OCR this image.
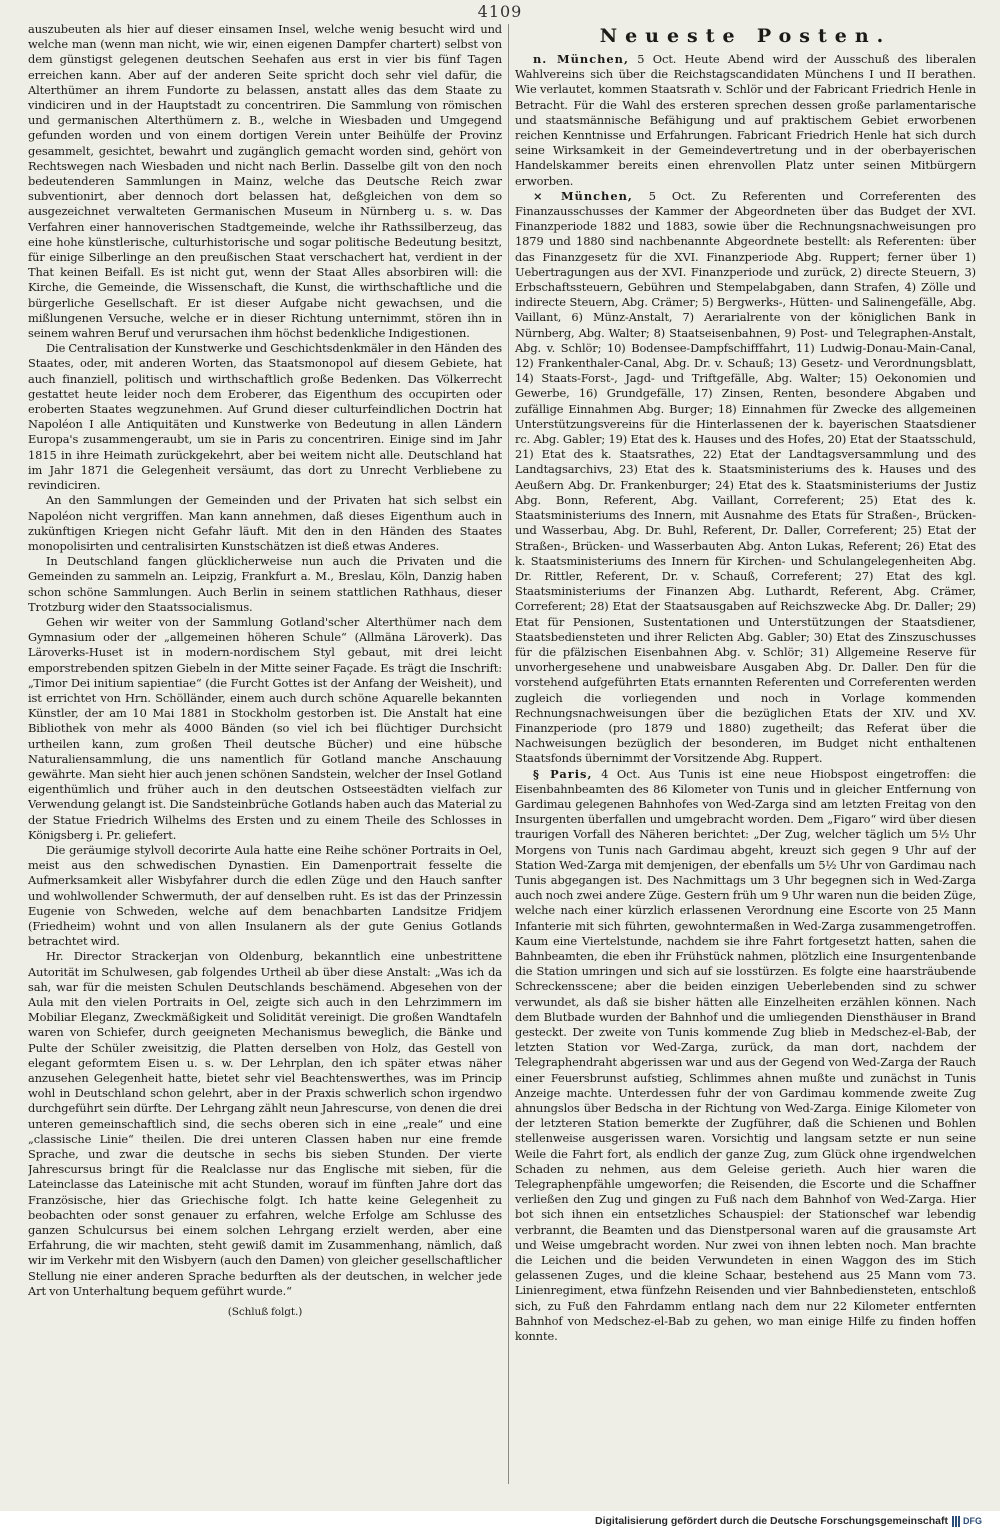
4109

auszubeuten als hier auf dieser einsamen Insel, welche wenig besucht wird und welche man (wenn man nicht, wie wir, einen eigenen Dampfer chartert) selbst von dem günstigst gelegenen deutschen Seehafen aus erst in vier bis fünf Tagen erreichen kann. Aber auf der anderen Seite spricht doch sehr viel dafür, die Alterthümer an ihrem Fundorte zu belassen, anstatt alles das dem Staate zu vindiciren und in der Hauptstadt zu concentriren. Die Sammlung von römischen und germanischen Alterthümern z. B., welche in Wiesbaden und Umgegend gefunden worden und von einem dortigen Verein unter Beihülfe der Provinz gesammelt, gesichtet, bewahrt und zugänglich gemacht worden sind, gehört von Rechtswegen nach Wiesbaden und nicht nach Berlin. Dasselbe gilt von den noch bedeutenderen Sammlungen in Mainz, welche das Deutsche Reich zwar subventionirt, aber dennoch dort belassen hat, deßgleichen von dem so ausgezeichnet verwalteten Germanischen Museum in Nürnberg u. s. w. Das Verfahren einer hannoverischen Stadtgemeinde, welche ihr Rathssilberzeug, das eine hohe künstlerische, culturhistorische und sogar politische Bedeutung besitzt, für einige Silberlinge an den preußischen Staat verschachert hat, verdient in der That keinen Beifall. Es ist nicht gut, wenn der Staat Alles absorbiren will: die Kirche, die Gemeinde, die Wissenschaft, die Kunst, die wirthschaftliche und die bürgerliche Gesellschaft. Er ist dieser Aufgabe nicht gewachsen, und die mißlungenen Versuche, welche er in dieser Richtung unternimmt, stören ihn in seinem wahren Beruf und verursachen ihm höchst bedenkliche Indigestionen.

Die Centralisation der Kunstwerke und Geschichtsdenkmäler in den Händen des Staates, oder, mit anderen Worten, das Staatsmonopol auf diesem Gebiete, hat auch finanziell, politisch und wirthschaftlich große Bedenken. Das Völkerrecht gestattet heute leider noch dem Eroberer, das Eigenthum des occupirten oder eroberten Staates wegzunehmen. Auf Grund dieser culturfeindlichen Doctrin hat Napoléon I alle Antiquitäten und Kunstwerke von Bedeutung in allen Ländern Europa's zusammengeraubt, um sie in Paris zu concentriren. Einige sind im Jahr 1815 in ihre Heimath zurückgekehrt, aber bei weitem nicht alle. Deutschland hat im Jahr 1871 die Gelegenheit versäumt, das dort zu Unrecht Verbliebene zu revindiciren.

An den Sammlungen der Gemeinden und der Privaten hat sich selbst ein Napoléon nicht vergriffen. Man kann annehmen, daß dieses Eigenthum auch in zukünftigen Kriegen nicht Gefahr läuft. Mit den in den Händen des Staates monopolisirten und centralisirten Kunstschätzen ist dieß etwas Anderes.

In Deutschland fangen glücklicherweise nun auch die Privaten und die Gemeinden zu sammeln an. Leipzig, Frankfurt a. M., Breslau, Köln, Danzig haben schon schöne Sammlungen. Auch Berlin in seinem stattlichen Rathhaus, dieser Trotzburg wider den Staatssocialismus.

Gehen wir weiter von der Sammlung Gotland'scher Alterthümer nach dem Gymnasium oder der „allgemeinen höheren Schule“ (Allmäna Läroverk). Das Läroverks-Huset ist in modern-nordischem Styl gebaut, mit drei leicht emporstrebenden spitzen Giebeln in der Mitte seiner Façade. Es trägt die Inschrift: „Timor Dei initium sapientiae“ (die Furcht Gottes ist der Anfang der Weisheit), und ist errichtet von Hrn. Schölländer, einem auch durch schöne Aquarelle bekannten Künstler, der am 10 Mai 1881 in Stockholm gestorben ist. Die Anstalt hat eine Bibliothek von mehr als 4000 Bänden (so viel ich bei flüchtiger Durchsicht urtheilen kann, zum großen Theil deutsche Bücher) und eine hübsche Naturaliensammlung, die uns namentlich für Gotland manche Anschauung gewährte. Man sieht hier auch jenen schönen Sandstein, welcher der Insel Gotland eigenthümlich und früher auch in den deutschen Ostseestädten vielfach zur Verwendung gelangt ist. Die Sandsteinbrüche Gotlands haben auch das Material zu der Statue Friedrich Wilhelms des Ersten und zu einem Theile des Schlosses in Königsberg i. Pr. geliefert.

Die geräumige stylvoll decorirte Aula hatte eine Reihe schöner Portraits in Oel, meist aus den schwedischen Dynastien. Ein Damenportrait fesselte die Aufmerksamkeit aller Wisbyfahrer durch die edlen Züge und den Hauch sanfter und wohlwollender Schwermuth, der auf denselben ruht. Es ist das der Prinzessin Eugenie von Schweden, welche auf dem benachbarten Landsitze Fridjem (Friedheim) wohnt und von allen Insulanern als der gute Genius Gotlands betrachtet wird.

Hr. Director Strackerjan von Oldenburg, bekanntlich eine unbestrittene Autorität im Schulwesen, gab folgendes Urtheil ab über diese Anstalt: „Was ich da sah, war für die meisten Schulen Deutschlands beschämend. Abgesehen von der Aula mit den vielen Portraits in Oel, zeigte sich auch in den Lehrzimmern im Mobiliar Eleganz, Zweckmäßigkeit und Solidität vereinigt. Die großen Wandtafeln waren von Schiefer, durch geeigneten Mechanismus beweglich, die Bänke und Pulte der Schüler zweisitzig, die Platten derselben von Holz, das Gestell von elegant geformtem Eisen u. s. w. Der Lehrplan, den ich später etwas näher anzusehen Gelegenheit hatte, bietet sehr viel Beachtenswerthes, was im Princip wohl in Deutschland schon gelehrt, aber in der Praxis schwerlich schon irgendwo durchgeführt sein dürfte. Der Lehrgang zählt neun Jahrescurse, von denen die drei unteren gemeinschaftlich sind, die sechs oberen sich in eine „reale“ und eine „classische Linie“ theilen. Die drei unteren Classen haben nur eine fremde Sprache, und zwar die deutsche in sechs bis sieben Stunden. Der vierte Jahrescursus bringt für die Realclasse nur das Englische mit sieben, für die Lateinclasse das Lateinische mit acht Stunden, worauf im fünften Jahre dort das Französische, hier das Griechische folgt. Ich hatte keine Gelegenheit zu beobachten oder sonst genauer zu erfahren, welche Erfolge am Schlusse des ganzen Schulcursus bei einem solchen Lehrgang erzielt werden, aber eine Erfahrung, die wir machten, steht gewiß damit im Zusammenhang, nämlich, daß wir im Verkehr mit den Wisbyern (auch den Damen) von gleicher gesellschaftlicher Stellung nie einer anderen Sprache bedurften als der deutschen, in welcher jede Art von Unterhaltung bequem geführt wurde.“

(Schluß folgt.)

Neueste Posten.

n. München, 5 Oct. Heute Abend wird der Ausschuß des liberalen Wahlvereins sich über die Reichstagscandidaten Münchens I und II berathen. Wie verlautet, kommen Staatsrath v. Schlör und der Fabricant Friedrich Henle in Betracht. Für die Wahl des ersteren sprechen dessen große parlamentarische und staatsmännische Befähigung und auf praktischem Gebiet erworbenen reichen Kenntnisse und Erfahrungen. Fabricant Friedrich Henle hat sich durch seine Wirksamkeit in der Gemeindevertretung und in der oberbayerischen Handelskammer bereits einen ehrenvollen Platz unter seinen Mitbürgern erworben.

× München, 5 Oct. Zu Referenten und Correferenten des Finanzausschusses der Kammer der Abgeordneten über das Budget der XVI. Finanzperiode 1882 und 1883, sowie über die Rechnungsnachweisungen pro 1879 und 1880 sind nachbenannte Abgeordnete bestellt: als Referenten: über das Finanzgesetz für die XVI. Finanzperiode Abg. Ruppert; ferner über 1) Uebertragungen aus der XVI. Finanzperiode und zurück, 2) directe Steuern, 3) Erbschaftssteuern, Gebühren und Stempelabgaben, dann Strafen, 4) Zölle und indirecte Steuern, Abg. Crämer; 5) Bergwerks-, Hütten- und Salinengefälle, Abg. Vaillant, 6) Münz-Anstalt, 7) Aerarialrente von der königlichen Bank in Nürnberg, Abg. Walter; 8) Staatseisenbahnen, 9) Post- und Telegraphen-Anstalt, Abg. v. Schlör; 10) Bodensee-Dampfschifffahrt, 11) Ludwig-Donau-Main-Canal, 12) Frankenthaler-Canal, Abg. Dr. v. Schauß; 13) Gesetz- und Verordnungsblatt, 14) Staats-Forst-, Jagd- und Triftgefälle, Abg. Walter; 15) Oekonomien und Gewerbe, 16) Grundgefälle, 17) Zinsen, Renten, besondere Abgaben und zufällige Einnahmen Abg. Burger; 18) Einnahmen für Zwecke des allgemeinen Unterstützungsvereins für die Hinterlassenen der k. bayerischen Staatsdiener rc. Abg. Gabler; 19) Etat des k. Hauses und des Hofes, 20) Etat der Staatsschuld, 21) Etat des k. Staatsrathes, 22) Etat der Landtagsversammlung und des Landtagsarchivs, 23) Etat des k. Staatsministeriums des k. Hauses und des Aeußern Abg. Dr. Frankenburger; 24) Etat des k. Staatsministeriums der Justiz Abg. Bonn, Referent, Abg. Vaillant, Correferent; 25) Etat des k. Staatsministeriums des Innern, mit Ausnahme des Etats für Straßen-, Brücken- und Wasserbau, Abg. Dr. Buhl, Referent, Dr. Daller, Correferent; 25) Etat der Straßen-, Brücken- und Wasserbauten Abg. Anton Lukas, Referent; 26) Etat des k. Staatsministeriums des Innern für Kirchen- und Schulangelegenheiten Abg. Dr. Rittler, Referent, Dr. v. Schauß, Correferent; 27) Etat des kgl. Staatsministeriums der Finanzen Abg. Luthardt, Referent, Abg. Crämer, Correferent; 28) Etat der Staatsausgaben auf Reichszwecke Abg. Dr. Daller; 29) Etat für Pensionen, Sustentationen und Unterstützungen der Staatsdiener, Staatsbediensteten und ihrer Relicten Abg. Gabler; 30) Etat des Zinszuschusses für die pfälzischen Eisenbahnen Abg. v. Schlör; 31) Allgemeine Reserve für unvorhergesehene und unabweisbare Ausgaben Abg. Dr. Daller. Den für die vorstehend aufgeführten Etats ernannten Referenten und Correferenten werden zugleich die vorliegenden und noch in Vorlage kommenden Rechnungsnachweisungen über die bezüglichen Etats der XIV. und XV. Finanzperiode (pro 1879 und 1880) zugetheilt; das Referat über die Nachweisungen bezüglich der besonderen, im Budget nicht enthaltenen Staatsfonds übernimmt der Vorsitzende Abg. Ruppert.

§ Paris, 4 Oct. Aus Tunis ist eine neue Hiobspost eingetroffen: die Eisenbahnbeamten des 86 Kilometer von Tunis und in gleicher Entfernung von Gardimau gelegenen Bahnhofes von Wed-Zarga sind am letzten Freitag von den Insurgenten überfallen und umgebracht worden. Dem „Figaro“ wird über diesen traurigen Vorfall des Näheren berichtet: „Der Zug, welcher täglich um 5½ Uhr Morgens von Tunis nach Gardimau abgeht, kreuzt sich gegen 9 Uhr auf der Station Wed-Zarga mit demjenigen, der ebenfalls um 5½ Uhr von Gardimau nach Tunis abgegangen ist. Des Nachmittags um 3 Uhr begegnen sich in Wed-Zarga auch noch zwei andere Züge. Gestern früh um 9 Uhr waren nun die beiden Züge, welche nach einer kürzlich erlassenen Verordnung eine Escorte von 25 Mann Infanterie mit sich führten, gewohntermaßen in Wed-Zarga zusammengetroffen. Kaum eine Viertelstunde, nachdem sie ihre Fahrt fortgesetzt hatten, sahen die Bahnbeamten, die eben ihr Frühstück nahmen, plötzlich eine Insurgentenbande die Station umringen und sich auf sie losstürzen. Es folgte eine haarsträubende Schreckensscene; aber die beiden einzigen Ueberlebenden sind zu schwer verwundet, als daß sie bisher hätten alle Einzelheiten erzählen können. Nach dem Blutbade wurden der Bahnhof und die umliegenden Diensthäuser in Brand gesteckt. Der zweite von Tunis kommende Zug blieb in Medschez-el-Bab, der letzten Station vor Wed-Zarga, zurück, da man dort, nachdem der Telegraphendraht abgerissen war und aus der Gegend von Wed-Zarga der Rauch einer Feuersbrunst aufstieg, Schlimmes ahnen mußte und zunächst in Tunis Anzeige machte. Unterdessen fuhr der von Gardimau kommende zweite Zug ahnungslos über Bedscha in der Richtung von Wed-Zarga. Einige Kilometer von der letzteren Station bemerkte der Zugführer, daß die Schienen und Bohlen stellenweise ausgerissen waren. Vorsichtig und langsam setzte er nun seine Weile die Fahrt fort, als endlich der ganze Zug, zum Glück ohne irgendwelchen Schaden zu nehmen, aus dem Geleise gerieth. Auch hier waren die Telegraphenpfähle umgeworfen; die Reisenden, die Escorte und die Schaffner verließen den Zug und gingen zu Fuß nach dem Bahnhof von Wed-Zarga. Hier bot sich ihnen ein entsetzliches Schauspiel: der Stationschef war lebendig verbrannt, die Beamten und das Dienstpersonal waren auf die grausamste Art und Weise umgebracht worden. Nur zwei von ihnen lebten noch. Man brachte die Leichen und die beiden Verwundeten in einen Waggon des im Stich gelassenen Zuges, und die kleine Schaar, bestehend aus 25 Mann vom 73. Linienregiment, etwa fünfzehn Reisenden und vier Bahnbediensteten, entschloß sich, zu Fuß den Fahrdamm entlang nach dem nur 22 Kilometer entfernten Bahnhof von Medschez-el-Bab zu gehen, wo man einige Hilfe zu finden hoffen konnte.

Digitalisierung gefördert durch die Deutsche Forschungsgemeinschaft DFG
